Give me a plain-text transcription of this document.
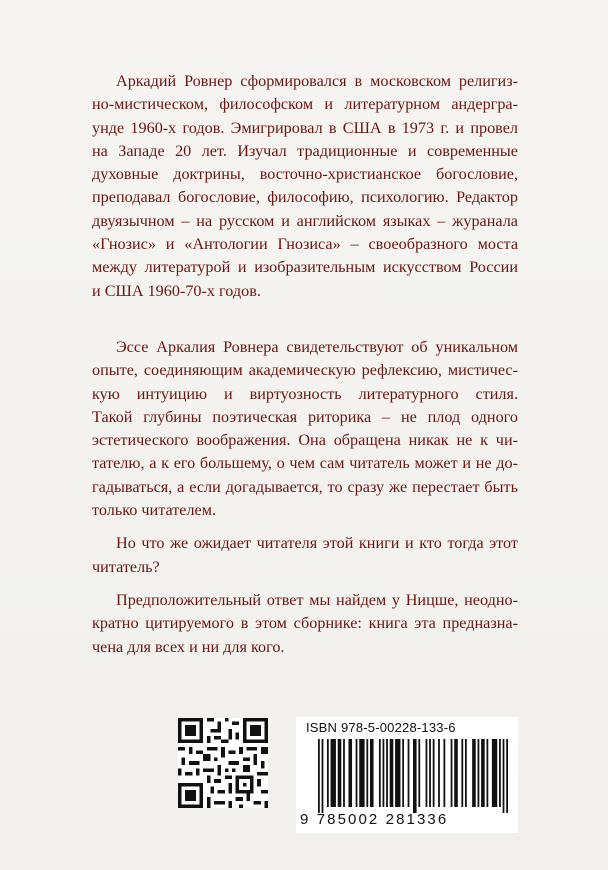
Аркадий Ровнер сформировался в московском религиз-
но-мистическом, философском и литературном андергра-
унде 1960-х годов. Эмигрировал в США в 1973 г. и провел
на Западе 20 лет. Изучал традиционные и современные
духовные доктрины, восточно-христианское богословие,
преподавал богословие, философию, психологию. Редактор
двуязычном – на русском и английском языках – журанала
«Гнозис» и «Антологии Гнозиса» – своеобразного моста
между литературой и изобразительным искусством России
и США 1960-70-х годов.
Эссе Аркалия Ровнера свидетельствуют об уникальном
опыте, соединяющим академическую рефлексию, мистичес-
кую интуицию и виртуозность литературного стиля.
Такой глубины поэтическая риторика – не плод одного
эстетического воображения. Она обращена никак не к чи-
тателю, а к его большему, о чем сам читатель может и не до-
гадываться, а если догадывается, то сразу же перестает быть
только читателем.
Но что же ожидает читателя этой книги и кто тогда этот
читатель?
Предположительный ответ мы найдем у Ницше, неодно-
кратно цитируемого в этом сборнике: книга эта предназна-
чена для всех и ни для кого.
ISBN 978-5-00228-133-6
9 785002 281336
